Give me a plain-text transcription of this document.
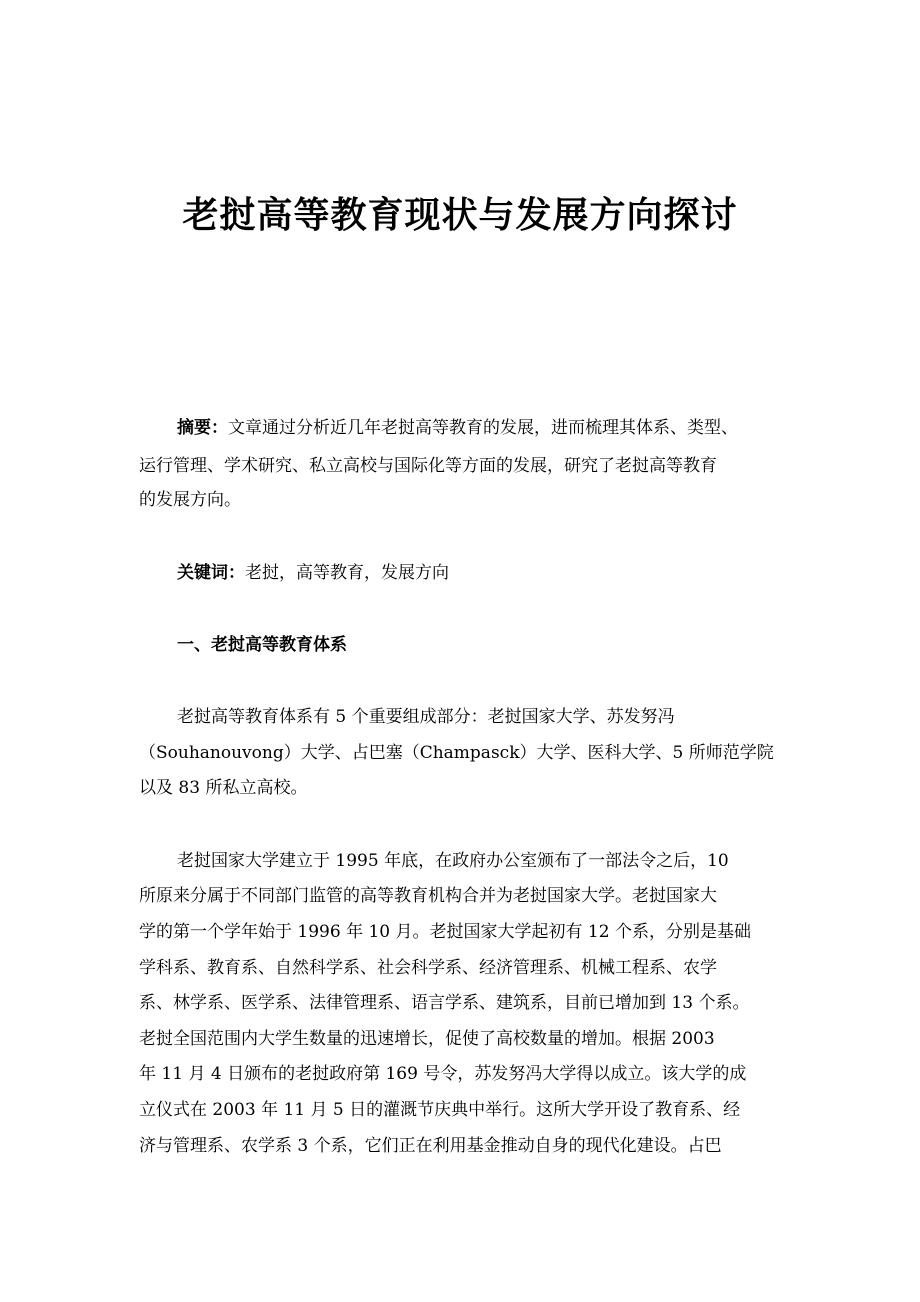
老挝高等教育现状与发展方向探讨
摘要：文章通过分析近几年老挝高等教育的发展，进而梳理其体系、类型、
运行管理、学术研究、私立高校与国际化等方面的发展，研究了老挝高等教育
的发展方向。
关键词：老挝，高等教育，发展方向
一、老挝高等教育体系
老挝高等教育体系有 5 个重要组成部分：老挝国家大学、苏发努冯
（Souhanouvong）大学、占巴塞（Champasck）大学、医科大学、5 所师范学院
以及 83 所私立高校。
老挝国家大学建立于 1995 年底，在政府办公室颁布了一部法令之后，10
所原来分属于不同部门监管的高等教育机构合并为老挝国家大学。老挝国家大
学的第一个学年始于 1996 年 10 月。老挝国家大学起初有 12 个系，分别是基础
学科系、教育系、自然科学系、社会科学系、经济管理系、机械工程系、农学
系、林学系、医学系、法律管理系、语言学系、建筑系，目前已增加到 13 个系。
老挝全国范围内大学生数量的迅速增长，促使了高校数量的增加。根据 2003
年 11 月 4 日颁布的老挝政府第 169 号令，苏发努冯大学得以成立。该大学的成
立仪式在 2003 年 11 月 5 日的灌溉节庆典中举行。这所大学开设了教育系、经
济与管理系、农学系 3 个系，它们正在利用基金推动自身的现代化建设。占巴
